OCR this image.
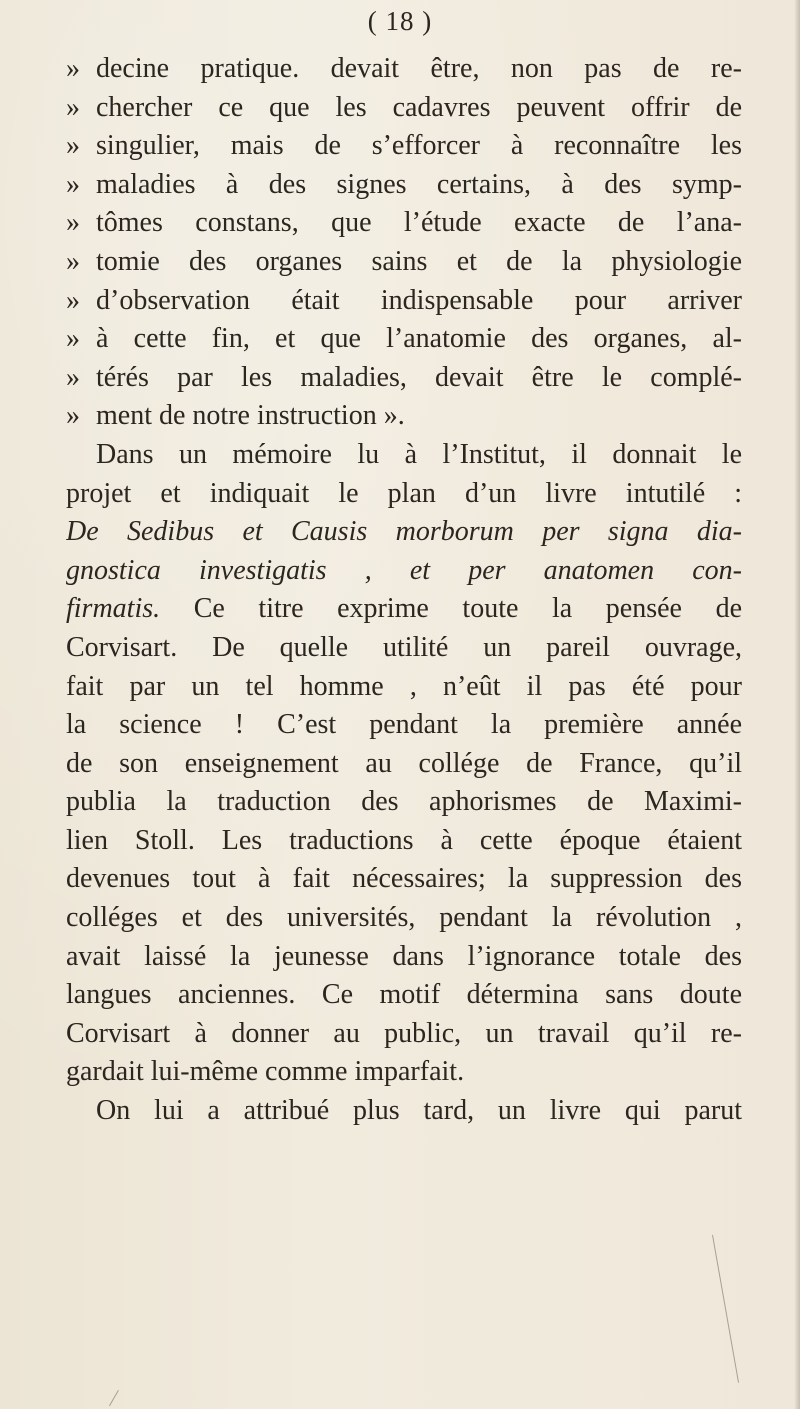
( 18 )
» decine pratique. devait être, non pas de re-
» chercher ce que les cadavres peuvent offrir de
» singulier, mais de s’efforcer à reconnaître les
» maladies à des signes certains, à des symp-
» tômes constans, que l’étude exacte de l’ana-
» tomie des organes sains et de la physiologie
» d’observation était indispensable pour arriver
» à cette fin, et que l’anatomie des organes, al-
» térés par les maladies, devait être le complé-
» ment de notre instruction ».
Dans un mémoire lu à l’Institut, il donnait le
projet et indiquait le plan d’un livre intutilé :
De Sedibus et Causis morborum per signa dia-
gnostica investigatis , et per anatomen con-
firmatis. Ce titre exprime toute la pensée de
Corvisart. De quelle utilité un pareil ouvrage,
fait par un tel homme , n’eût il pas été pour
la science ! C’est pendant la première année
de son enseignement au collége de France, qu’il
publia la traduction des aphorismes de Maximi-
lien Stoll. Les traductions à cette époque étaient
devenues tout à fait nécessaires; la suppression des
colléges et des universités, pendant la révolution ,
avait laissé la jeunesse dans l’ignorance totale des
langues anciennes. Ce motif détermina sans doute
Corvisart à donner au public, un travail qu’il re-
gardait lui-même comme imparfait.
On lui a attribué plus tard, un livre qui parut
